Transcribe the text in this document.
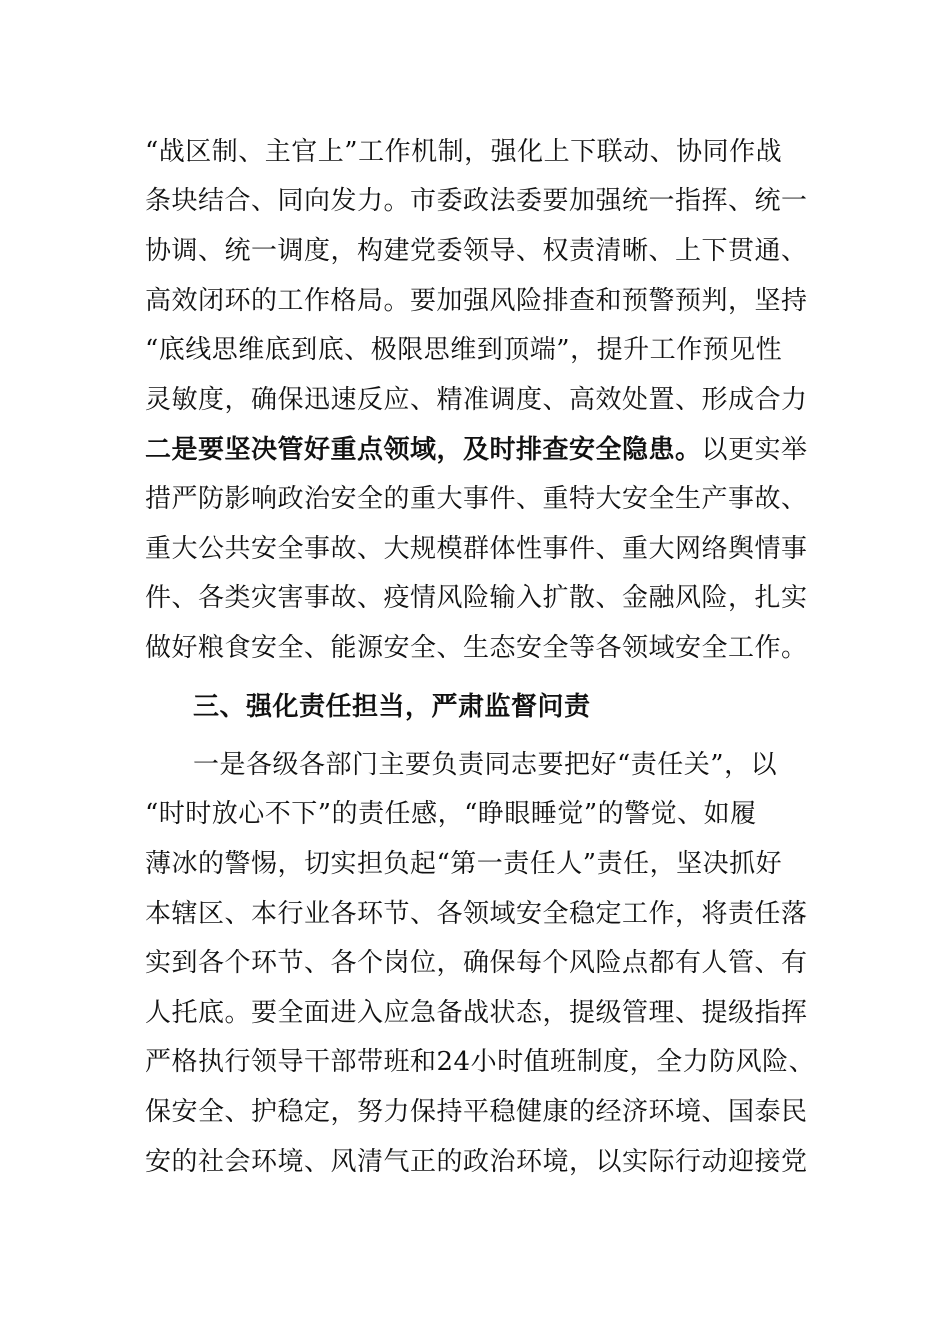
“战区制、主官上”工作机制，强化上下联动、协同作战
条块结合、同向发力。市委政法委要加强统一指挥、统一
协调、统一调度，构建党委领导、权责清晰、上下贯通、
高效闭环的工作格局。要加强风险排查和预警预判，坚持
“底线思维底到底、极限思维到顶端”，提升工作预见性
灵敏度，确保迅速反应、精准调度、高效处置、形成合力
二是要坚决管好重点领域，及时排查安全隐患。以更实举
措严防影响政治安全的重大事件、重特大安全生产事故、
重大公共安全事故、大规模群体性事件、重大网络舆情事
件、各类灾害事故、疫情风险输入扩散、金融风险，扎实
做好粮食安全、能源安全、生态安全等各领域安全工作。
三、强化责任担当，严肃监督问责
一是各级各部门主要负责同志要把好“责任关”，以
“时时放心不下”的责任感，“睁眼睡觉”的警觉、如履
薄冰的警惕，切实担负起“第一责任人”责任，坚决抓好
本辖区、本行业各环节、各领域安全稳定工作，将责任落
实到各个环节、各个岗位，确保每个风险点都有人管、有
人托底。要全面进入应急备战状态，提级管理、提级指挥
严格执行领导干部带班和24小时值班制度，全力防风险、
保安全、护稳定，努力保持平稳健康的经济环境、国泰民
安的社会环境、风清气正的政治环境，以实际行动迎接党
